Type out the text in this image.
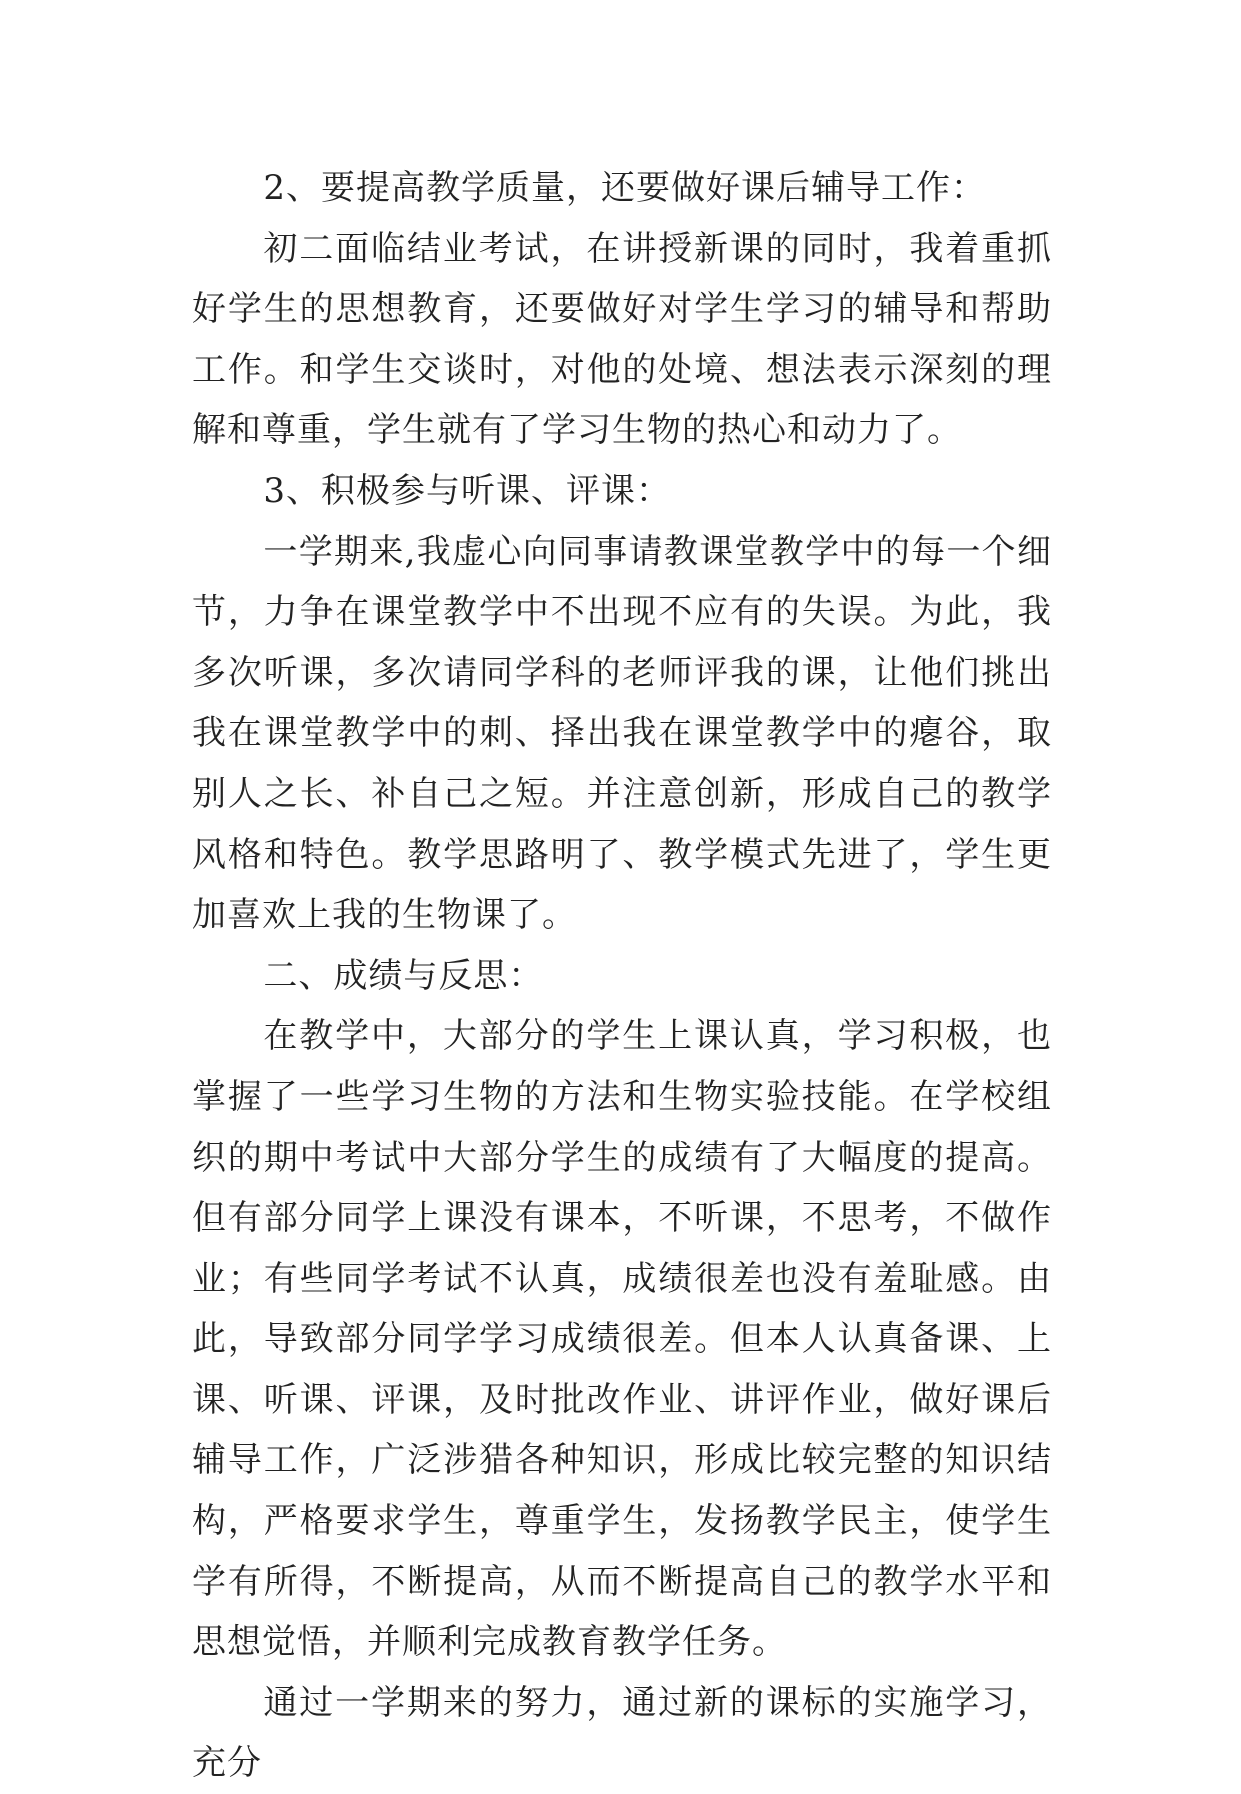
2、要提高教学质量，还要做好课后辅导工作：

初二面临结业考试，在讲授新课的同时，我着重抓好学生的思想教育，还要做好对学生学习的辅导和帮助工作。和学生交谈时，对他的处境、想法表示深刻的理解和尊重，学生就有了学习生物的热心和动力了。

3、积极参与听课、评课：

一学期来,我虚心向同事请教课堂教学中的每一个细节，力争在课堂教学中不出现不应有的失误。为此，我多次听课，多次请同学科的老师评我的课，让他们挑出我在课堂教学中的刺、择出我在课堂教学中的瘪谷，取别人之长、补自己之短。并注意创新，形成自己的教学风格和特色。教学思路明了、教学模式先进了，学生更加喜欢上我的生物课了。

二、成绩与反思：

在教学中，大部分的学生上课认真，学习积极，也掌握了一些学习生物的方法和生物实验技能。在学校组织的期中考试中大部分学生的成绩有了大幅度的提高。但有部分同学上课没有课本，不听课，不思考，不做作业；有些同学考试不认真，成绩很差也没有羞耻感。由此，导致部分同学学习成绩很差。但本人认真备课、上课、听课、评课，及时批改作业、讲评作业，做好课后辅导工作，广泛涉猎各种知识，形成比较完整的知识结构，严格要求学生，尊重学生，发扬教学民主，使学生学有所得，不断提高，从而不断提高自己的教学水平和思想觉悟，并顺利完成教育教学任务。

通过一学期来的努力，通过新的课标的实施学习，充分
